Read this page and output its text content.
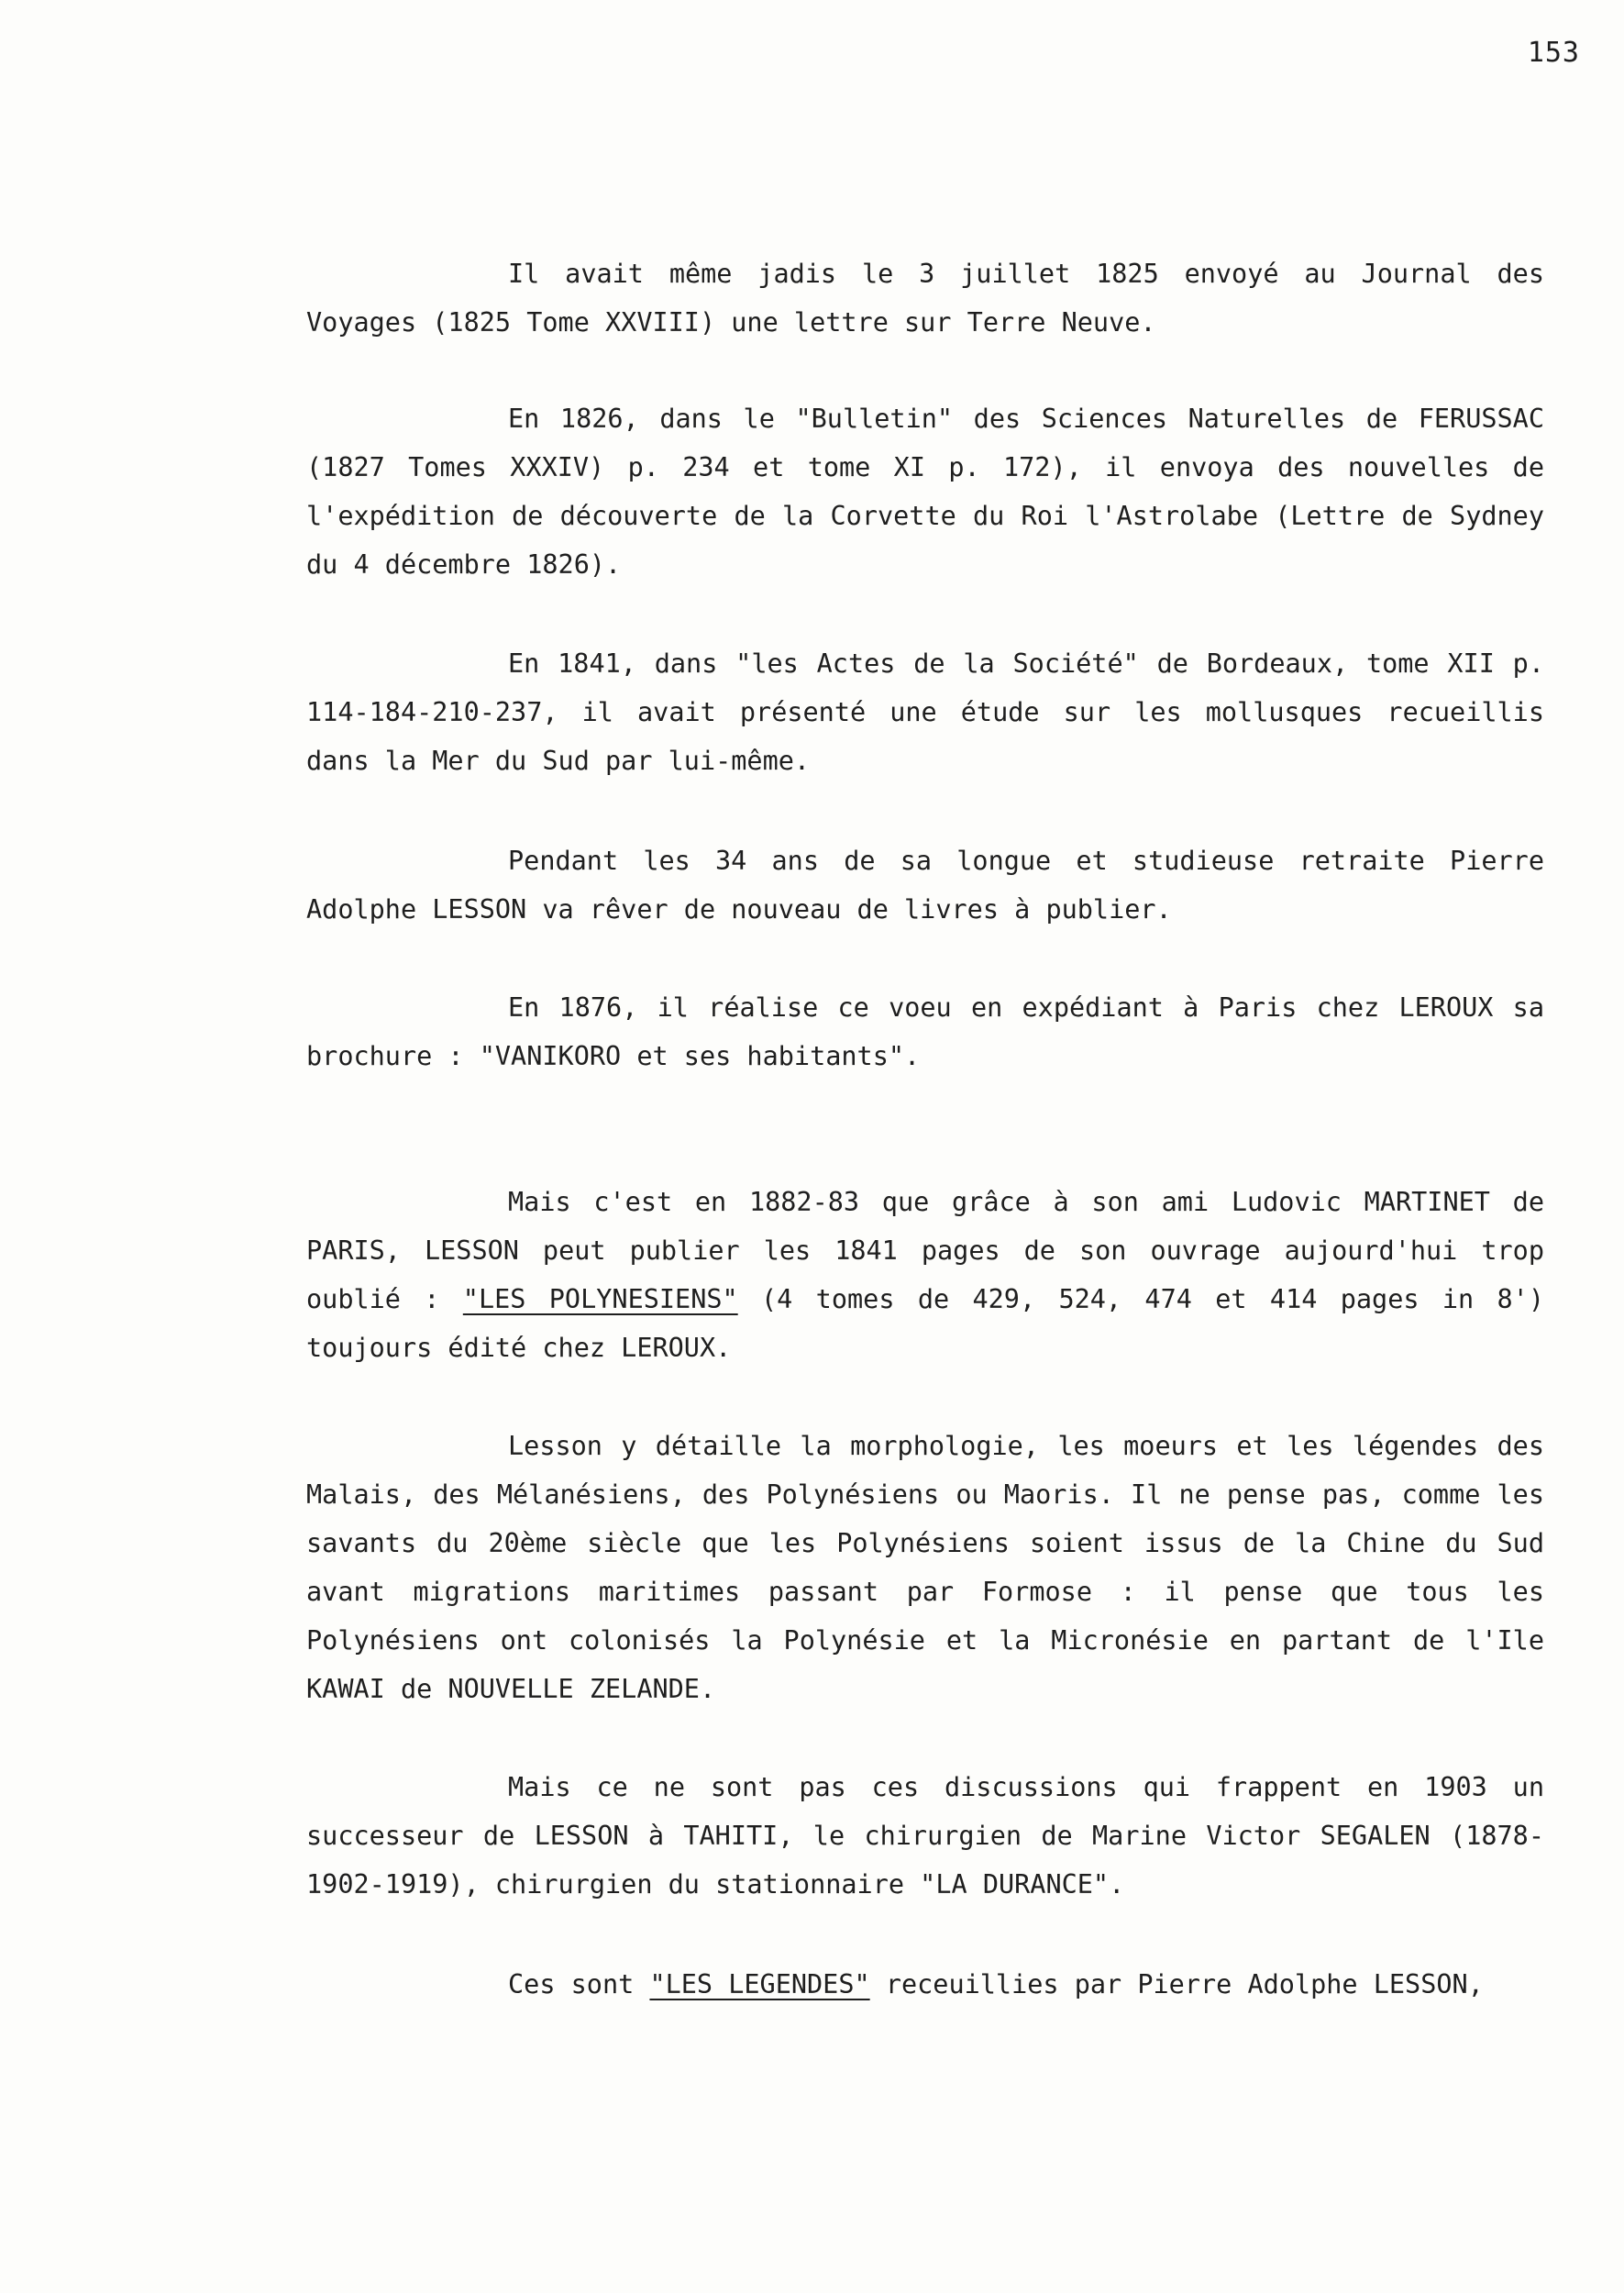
153

Il avait même jadis le 3 juillet 1825 envoyé au Journal des Voyages (1825 Tome XXVIII) une lettre sur Terre Neuve.

En 1826, dans le "Bulletin" des Sciences Naturelles de FERUSSAC (1827 Tomes XXXIV) p. 234 et tome XI p. 172), il envoya des nouvelles de l'expédition de découverte de la Corvette du Roi l'Astrolabe (Lettre de Sydney du 4 décembre 1826).

En 1841, dans "les Actes de la Société" de Bordeaux, tome XII p. 114-184-210-237, il avait présenté une étude sur les mollusques recueillis dans la Mer du Sud par lui-même.

Pendant les 34 ans de sa longue et studieuse retraite Pierre Adolphe LESSON va rêver de nouveau de livres à publier.

En 1876, il réalise ce voeu en expédiant à Paris chez LEROUX sa brochure : "VANIKORO et ses habitants".

Mais c'est en 1882-83 que grâce à son ami Ludovic MARTINET de PARIS, LESSON peut publier les 1841 pages de son ouvrage aujourd'hui trop oublié : "LES POLYNESIENS" (4 tomes de 429, 524, 474 et 414 pages in 8') toujours édité chez LEROUX.

Lesson y détaille la morphologie, les moeurs et les légendes des Malais, des Mélanésiens, des Polynésiens ou Maoris. Il ne pense pas, comme les savants du 20ème siècle que les Polynésiens soient issus de la Chine du Sud avant migrations maritimes passant par Formose : il pense que tous les Polynésiens ont colonisés la Polynésie et la Micronésie en partant de l'Ile KAWAI de NOUVELLE ZELANDE.

Mais ce ne sont pas ces discussions qui frappent en 1903 un successeur de LESSON à TAHITI, le chirurgien de Marine Victor SEGALEN (1878-1902-1919), chirurgien du stationnaire "LA DURANCE".

Ces sont "LES LEGENDES" receuillies par Pierre Adolphe LESSON,
